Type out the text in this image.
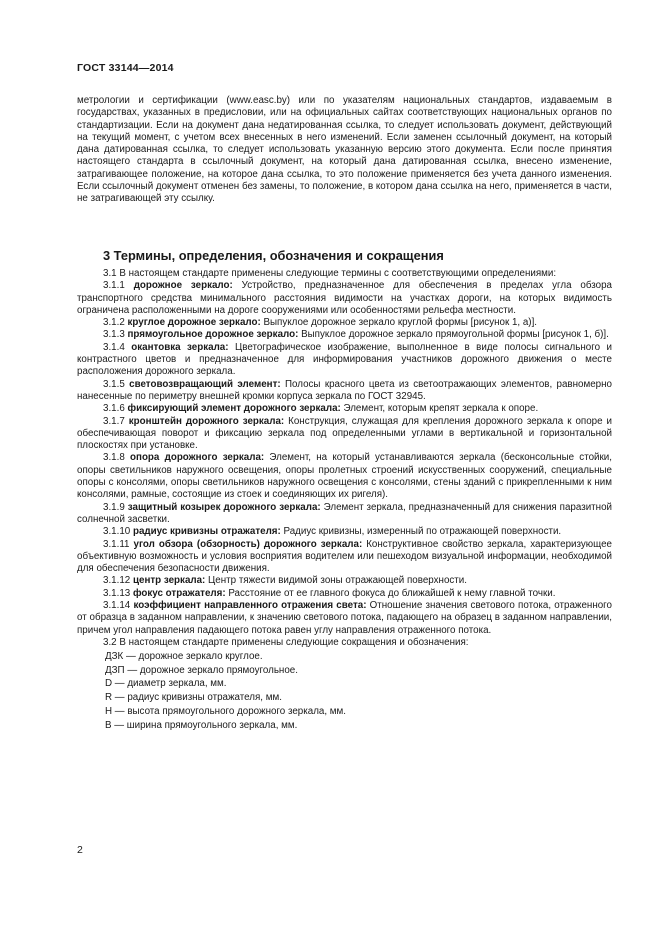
ГОСТ 33144—2014

метрологии и сертификации (www.easc.by) или по указателям национальных стандартов, издаваемым в государствах, указанных в предисловии, или на официальных сайтах соответствующих национальных органов по стандартизации. Если на документ дана недатированная ссылка, то следует использовать документ, действующий на текущий момент, с учетом всех внесенных в него изменений. Если заменен ссылочный документ, на который дана датированная ссылка, то следует использовать указанную версию этого документа. Если после принятия настоящего стандарта в ссылочный документ, на который дана датированная ссылка, внесено изменение, затрагивающее положение, на которое дана ссылка, то это положение применяется без учета данного изменения. Если ссылочный документ отменен без замены, то положение, в котором дана ссылка на него, применяется в части, не затрагивающей эту ссылку.

3 Термины, определения, обозначения и сокращения

3.1 В настоящем стандарте применены следующие термины с соответствующими определениями:

3.1.1 дорожное зеркало: Устройство, предназначенное для обеспечения в пределах угла обзора транспортного средства минимального расстояния видимости на участках дороги, на которых видимость ограничена расположенными на дороге сооружениями или особенностями рельефа местности.

3.1.2 круглое дорожное зеркало: Выпуклое дорожное зеркало круглой формы [рисунок 1, а)].

3.1.3 прямоугольное дорожное зеркало: Выпуклое дорожное зеркало прямоугольной формы [рисунок 1, б)].

3.1.4 окантовка зеркала: Цветографическое изображение, выполненное в виде полосы сигнального и контрастного цветов и предназначенное для информирования участников дорожного движения о месте расположения дорожного зеркала.

3.1.5 световозвращающий элемент: Полосы красного цвета из светоотражающих элементов, равномерно нанесенные по периметру внешней кромки корпуса зеркала по ГОСТ 32945.

3.1.6 фиксирующий элемент дорожного зеркала: Элемент, которым крепят зеркала к опоре.

3.1.7 кронштейн дорожного зеркала: Конструкция, служащая для крепления дорожного зеркала к опоре и обеспечивающая поворот и фиксацию зеркала под определенными углами в вертикальной и горизонтальной плоскостях при установке.

3.1.8 опора дорожного зеркала: Элемент, на который устанавливаются зеркала (бесконсольные стойки, опоры светильников наружного освещения, опоры пролетных строений искусственных сооружений, специальные опоры с консолями, опоры светильников наружного освещения с консолями, стены зданий с прикрепленными к ним консолями, рамные, состоящие из стоек и соединяющих их ригеля).

3.1.9 защитный козырек дорожного зеркала: Элемент зеркала, предназначенный для снижения паразитной солнечной засветки.

3.1.10 радиус кривизны отражателя: Радиус кривизны, измеренный по отражающей поверхности.

3.1.11 угол обзора (обзорность) дорожного зеркала: Конструктивное свойство зеркала, характеризующее объективную возможность и условия восприятия водителем или пешеходом визуальной информации, необходимой для обеспечения безопасности движения.

3.1.12 центр зеркала: Центр тяжести видимой зоны отражающей поверхности.

3.1.13 фокус отражателя: Расстояние от ее главного фокуса до ближайшей к нему главной точки.

3.1.14 коэффициент направленного отражения света: Отношение значения светового потока, отраженного от образца в заданном направлении, к значению светового потока, падающего на образец в заданном направлении, причем угол направления падающего потока равен углу направления отраженного потока.

3.2 В настоящем стандарте применены следующие сокращения и обозначения:

ДЗК — дорожное зеркало круглое.

ДЗП — дорожное зеркало прямоугольное.

D — диаметр зеркала, мм.

R — радиус кривизны отражателя, мм.

H — высота прямоугольного дорожного зеркала, мм.

B — ширина прямоугольного зеркала, мм.

2
